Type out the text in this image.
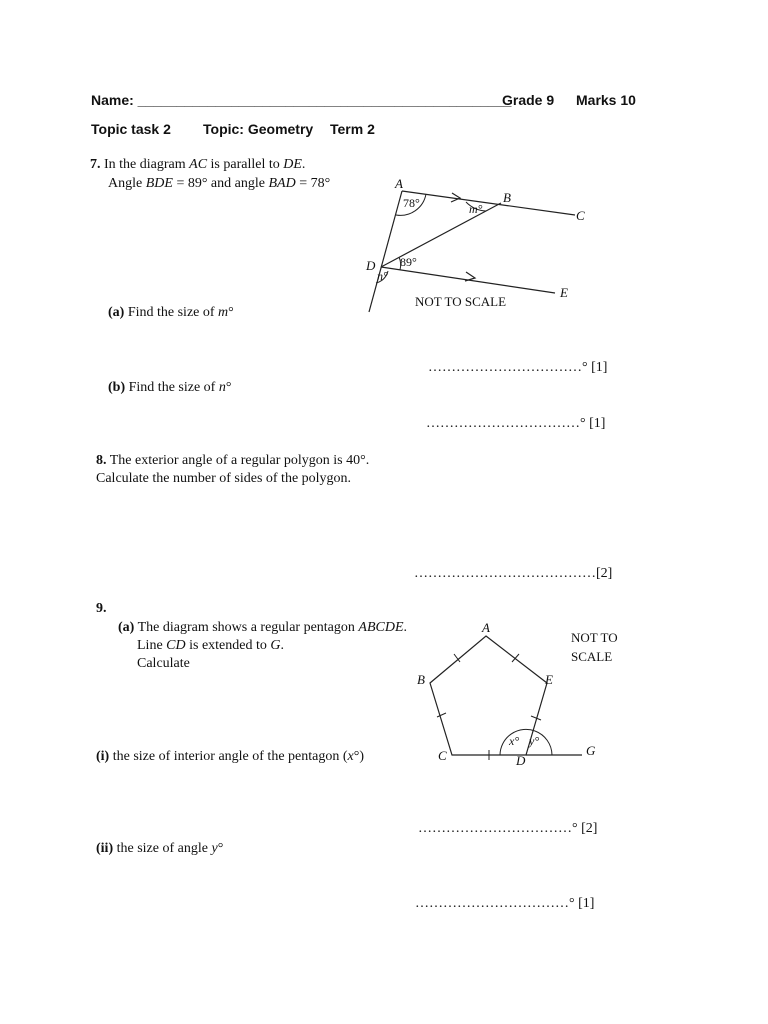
Name: ________________________________________________
Grade 9 Marks 10
Topic task 2 Topic: Geometry Term 2
7. In the diagram AC is parallel to DE.
Angle BDE = 89° and angle BAD = 78°	A
B
C
D
E
78°	m°
89°
n°
NOT TO SCALE
(a) Find the size of m°
……………………………° [1]
(b) Find the size of n°
……………………………° [1]
8. The exterior angle of a regular polygon is 40°.
Calculate the number of sides of the polygon.
…………………………………[2]
9.
(a) The diagram shows a regular pentagon ABCDE.
Line CD is extended to G.
Calculate
A
B
C	D
E
G
x° y°
NOT TO
SCALE
(i) the size of interior angle of the pentagon (x°)
……………………………° [2]
(ii) the size of angle y°
……………………………° [1]
